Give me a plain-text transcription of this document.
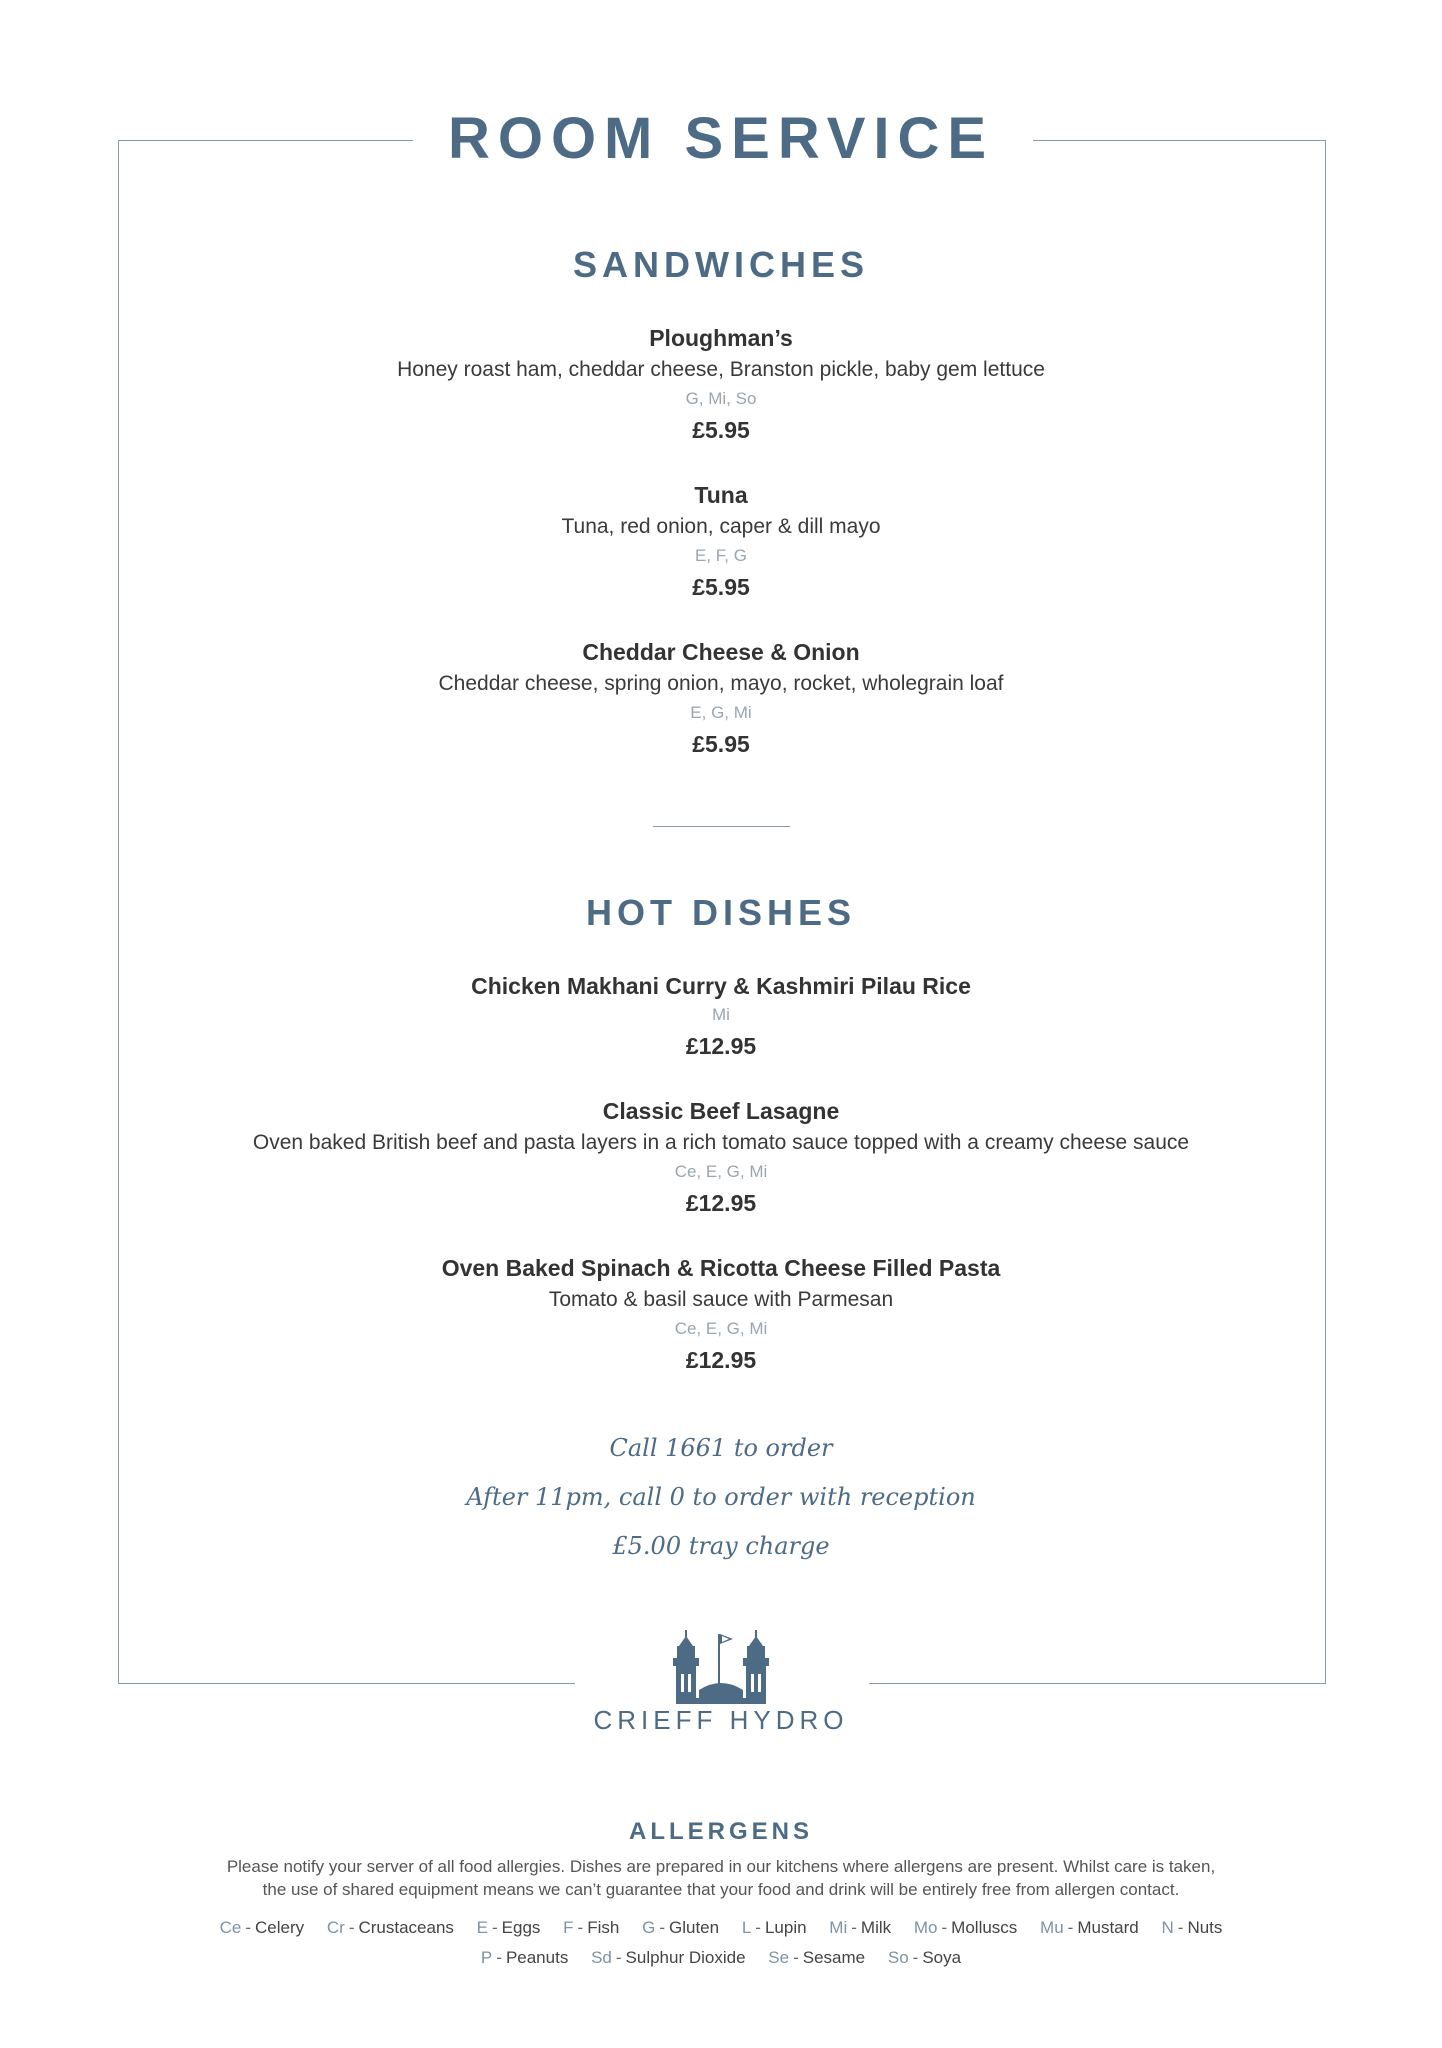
ROOM SERVICE
SANDWICHES
Ploughman’s
Honey roast ham, cheddar cheese, Branston pickle, baby gem lettuce
G, Mi, So
£5.95
Tuna
Tuna, red onion, caper & dill mayo
E, F, G
£5.95
Cheddar Cheese & Onion
Cheddar cheese, spring onion, mayo, rocket, wholegrain loaf
E, G, Mi
£5.95
HOT DISHES
Chicken Makhani Curry & Kashmiri Pilau Rice
Mi
£12.95
Classic Beef Lasagne
Oven baked British beef and pasta layers in a rich tomato sauce topped with a creamy cheese sauce
Ce, E, G, Mi
£12.95
Oven Baked Spinach & Ricotta Cheese Filled Pasta
Tomato & basil sauce with Parmesan
Ce, E, G, Mi
£12.95
Call 1661 to order
After 11pm, call 0 to order with reception
£5.00 tray charge
CRIEFF HYDRO
ALLERGENS
Please notify your server of all food allergies. Dishes are prepared in our kitchens where allergens are present. Whilst care is taken,
the use of shared equipment means we can’t guarantee that your food and drink will be entirely free from allergen contact.
Ce - Celery Cr - Crustaceans E - Eggs F - Fish G - Gluten L - Lupin Mi - Milk Mo - Molluscs Mu - Mustard N - Nuts
P - Peanuts Sd - Sulphur Dioxide Se - Sesame So - Soya
